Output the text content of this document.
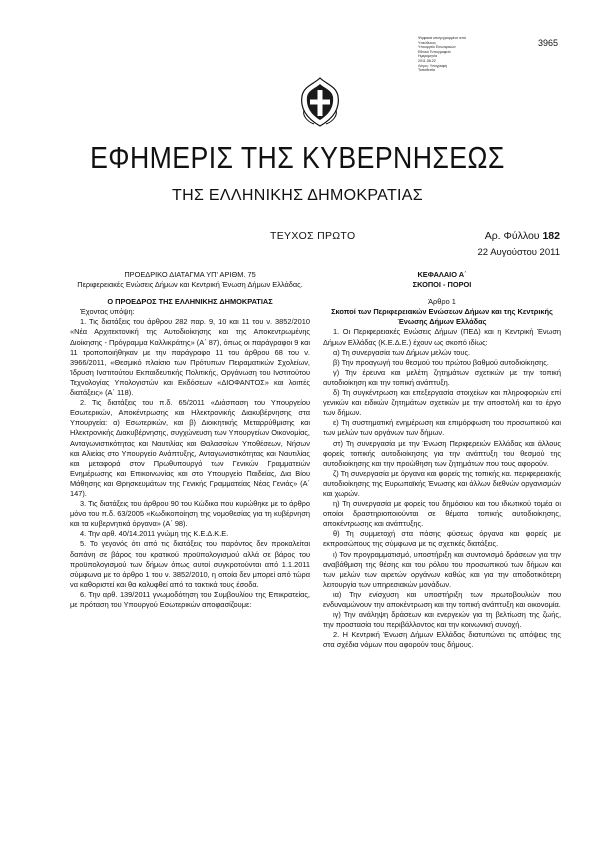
3965
Ψηφιακά υπογεγραμμένο από
Υπεύθυνος
Υπουργείο Εσωτερικών
Εθνικό Τυπογραφείο
Ημερομηνία
2011.08.22
Λόγος: Υπογραφή
Τοποθεσία
ΕΦΗΜΕΡΙΣ ΤΗΣ ΚΥΒΕΡΝΗΣΕΩΣ
ΤΗΣ ΕΛΛΗΝΙΚΗΣ ΔΗΜΟΚΡΑΤΙΑΣ
ΤΕΥΧΟΣ ΠΡΩΤΟ	Αρ. Φύλλου 182
22 Αυγούστου 2011

ΠΡΟΕΔΡΙΚΟ ΔΙΑΤΑΓΜΑ ΥΠ' ΑΡΙΘΜ. 75

Περιφερειακές Ενώσεις Δήμων και Κεντρική Ένωση Δήμων Ελλάδας.

Ο ΠΡΟΕΔΡΟΣ ΤΗΣ ΕΛΛΗΝΙΚΗΣ ΔΗΜΟΚΡΑΤΙΑΣ

Έχοντας υπόψη:

1. Τις διατάξεις του άρθρου 282 παρ. 9, 10 και 11 του ν. 3852/2010 «Νέα Αρχιτεκτονική της Αυτοδιοίκησης και της Αποκεντρωμένης Διοίκησης - Πρόγραμμα Καλλικράτης» (Α΄ 87), όπως οι παράγραφοι 9 και 11 τροποποιήθηκαν με την παράγραφο 11 του άρθρου 68 του ν. 3966/2011, «Θεσμικό πλαίσιο των Πρότυπων Πειραματικών Σχολείων, Ίδρυση Ινστιτούτου Εκπαιδευτικής Πολιτικής, Οργάνωση του Ινστιτούτου Τεχνολογίας Υπολογιστών και Εκδόσεων «ΔΙΟΦΑΝΤΟΣ» και λοιπές διατάξεις» (Α΄ 118).

2. Τις διατάξεις του π.δ. 65/2011 «Διάσπαση του Υπουργείου Εσωτερικών, Αποκέντρωσης και Ηλεκτρονικής Διακυβέρνησης στα Υπουργεία: α) Εσωτερικών, και β) Διοικητικής Μεταρρύθμισης και Ηλεκτρονικής Διακυβέρνησης, συγχώνευση των Υπουργείων Οικονομίας, Ανταγωνιστικότητας και Ναυτιλίας και Θαλασσίων Υποθέσεων, Νήσων και Αλιείας στο Υπουργείο Ανάπτυξης, Ανταγωνιστικότητας και Ναυτιλίας και μεταφορά στον Πρωθυπουργό των Γενικών Γραμματειών Ενημέρωσης και Επικοινωνίας και στο Υπουργείο Παιδείας, Δια Βίου Μάθησης και Θρησκευμάτων της Γενικής Γραμματείας Νέας Γενιάς» (Α΄ 147).

3. Τις διατάξεις του άρθρου 90 του Κώδικα που κυρώθηκε με το άρθρο μόνο του π.δ. 63/2005 «Κωδικοποίηση της νομοθεσίας για τη κυβέρνηση και τα κυβερνητικά όργανα» (Α΄ 98).

4. Την αρθ. 40/14.2011 γνώμη της Κ.Ε.Δ.Κ.Ε.

5. Το γεγονός ότι από τις διατάξεις του παρόντος δεν προκαλείται δαπάνη σε βάρος του κρατικού προϋπολογισμού αλλά σε βάρος του προϋπολογισμού των δήμων όπως αυτοί συγκροτούνται από 1.1.2011 σύμφωνα με το άρθρο 1 του ν. 3852/2010, η οποία δεν μπορεί από τώρα να καθοριστεί και θα καλυφθεί από τα τακτικά τους έσοδα.

6. Την αρθ. 139/2011 γνωμοδότηση του Συμβουλίου της Επικρατείας, με πρόταση του Υπουργού Εσωτερικών αποφασίζουμε:

ΚΕΦΑΛΑΙΟ Α΄

ΣΚΟΠΟΙ - ΠΟΡΟΙ

Άρθρο 1

Σκοποί των Περιφερειακών Ενώσεων Δήμων και της Κεντρικής Ένωσης Δήμων Ελλάδας

1. Οι Περιφερειακές Ενώσεις Δήμων (ΠΕΔ) και η Κεντρική Ένωση Δήμων Ελλάδας (Κ.Ε.Δ.Ε.) έχουν ως σκοπό ιδίως:

α) Τη συνεργασία των Δήμων μελών τους.

β) Την προαγωγή του θεσμού του πρώτου βαθμού αυτοδιοίκησης.

γ) Την έρευνα και μελέτη ζητημάτων σχετικών με την τοπική αυτοδιοίκηση και την τοπική ανάπτυξη.

δ) Τη συγκέντρωση και επεξεργασία στοιχείων και πληροφοριών επί γενικών και ειδικών ζητημάτων σχετικών με την αποστολή και το έργο των δήμων.

ε) Τη συστηματική ενημέρωση και επιμόρφωση του προσωπικού και των μελών των οργάνων των δήμων.

στ) Τη συνεργασία με την Ένωση Περιφερειών Ελλάδας και άλλους φορείς τοπικής αυτοδιοίκησης για την ανάπτυξη του θεσμού της αυτοδιοίκησης και την προώθηση των ζητημάτων που τους αφορούν.

ζ) Τη συνεργασία με όργανα και φορείς της τοπικής κα. περιφερειακής αυτοδιοίκησης της Ευρωπαϊκής Ένωσης και άλλων διεθνών οργανισμών και χωρών.

η) Τη συνεργασία με φορείς του δημόσιου και του ιδιωτικού τομέα οι οποίοι δραστηριοποιούνται σε θέματα τοπικής αυτοδιοίκησης, αποκέντρωσης και ανάπτυξης.

θ) Τη συμμετοχή στα πάσης φύσεως όργανα και φορείς με εκπροσώπους της σύμφωνα με τις σχετικές διατάξεις.

ι) Τον προγραμματισμό, υποστήριξη και συντονισμό δράσεων για την αναβάθμιση της θέσης και του ρόλου του προσωπικού των δήμων και των μελών των αιρετών οργάνων καθώς και για την αποδοτικότερη λειτουργία των υπηρεσιακών μονάδων.

ια) Την ενίσχυση και υποστήριξη των πρωτοβουλιών που ενδυναμώνουν την αποκέντρωση και την τοπική ανάπτυξη και οικονομία.

ιγ) Την ανάληψη δράσεων και ενεργειών για τη βελτίωση της ζωής, την προστασία του περιβάλλοντος και την κοινωνική συνοχή.

2. Η Κεντρική Ένωση Δήμων Ελλάδας διατυπώνει τις απόψεις της στα σχέδια νόμων που αφορούν τους δήμους.
